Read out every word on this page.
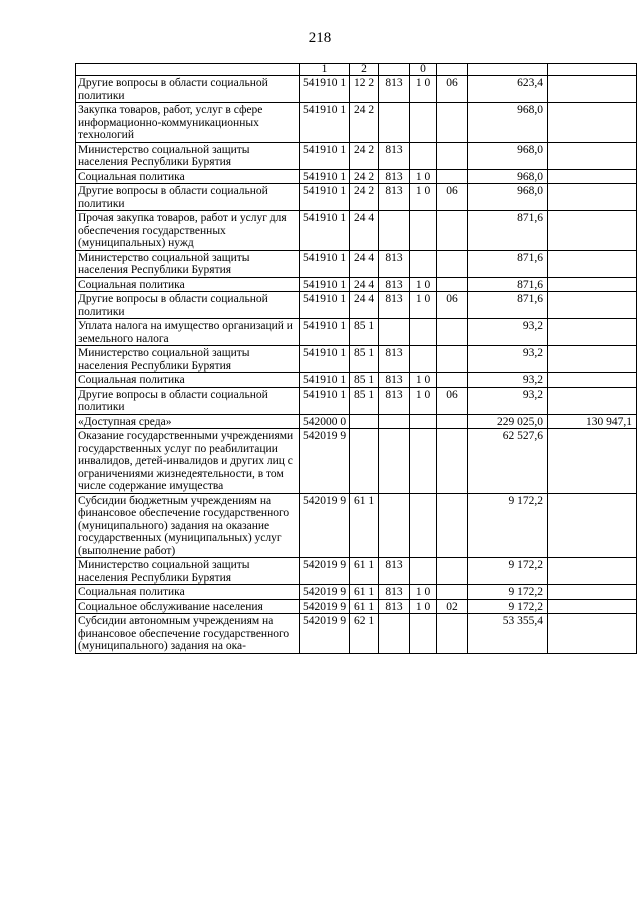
218
	1	2		0			
Другие вопросы в области социальной политики	541910 1	12 2	813	1 0	06	623,4	
Закупка товаров, работ, услуг в сфере информационно-коммуникационных технологий	541910 1	24 2				968,0	
Министерство социальной защиты населения Республики Бурятия	541910 1	24 2	813			968,0	
Социальная политика	541910 1	24 2	813	1 0		968,0	
Другие вопросы в области социальной политики	541910 1	24 2	813	1 0	06	968,0	
Прочая закупка товаров, работ и услуг для обеспечения государственных (муниципальных) нужд	541910 1	24 4				871,6	
Министерство социальной защиты населения Республики Бурятия	541910 1	24 4	813			871,6	
Социальная политика	541910 1	24 4	813	1 0		871,6	
Другие вопросы в области социальной политики	541910 1	24 4	813	1 0	06	871,6	
Уплата налога на имущество организаций и земельного налога	541910 1	85 1				93,2	
Министерство социальной защиты населения Республики Бурятия	541910 1	85 1	813			93,2	
Социальная политика	541910 1	85 1	813	1 0		93,2	
Другие вопросы в области социальной политики	541910 1	85 1	813	1 0	06	93,2	
«Доступная среда»	542000 0					229 025,0	130 947,1
Оказание государственными учреждениями государственных услуг по реабилитации инвалидов, детей-инвалидов и других лиц с ограничениями жизнедеятельности, в том числе содержание имущества	542019 9					62 527,6	
Субсидии бюджетным учреждениям на финансовое обеспечение государственного (муниципального) задания на оказание государственных (муниципальных) услуг (выполнение работ)	542019 9	61 1				9 172,2	
Министерство социальной защиты населения Республики Бурятия	542019 9	61 1	813			9 172,2	
Социальная политика	542019 9	61 1	813	1 0		9 172,2	
Социальное обслуживание населения	542019 9	61 1	813	1 0	02	9 172,2	
Субсидии автономным учреждениям на финансовое обеспечение государственного (муниципального) задания на ока-	542019 9	62 1				53 355,4	
